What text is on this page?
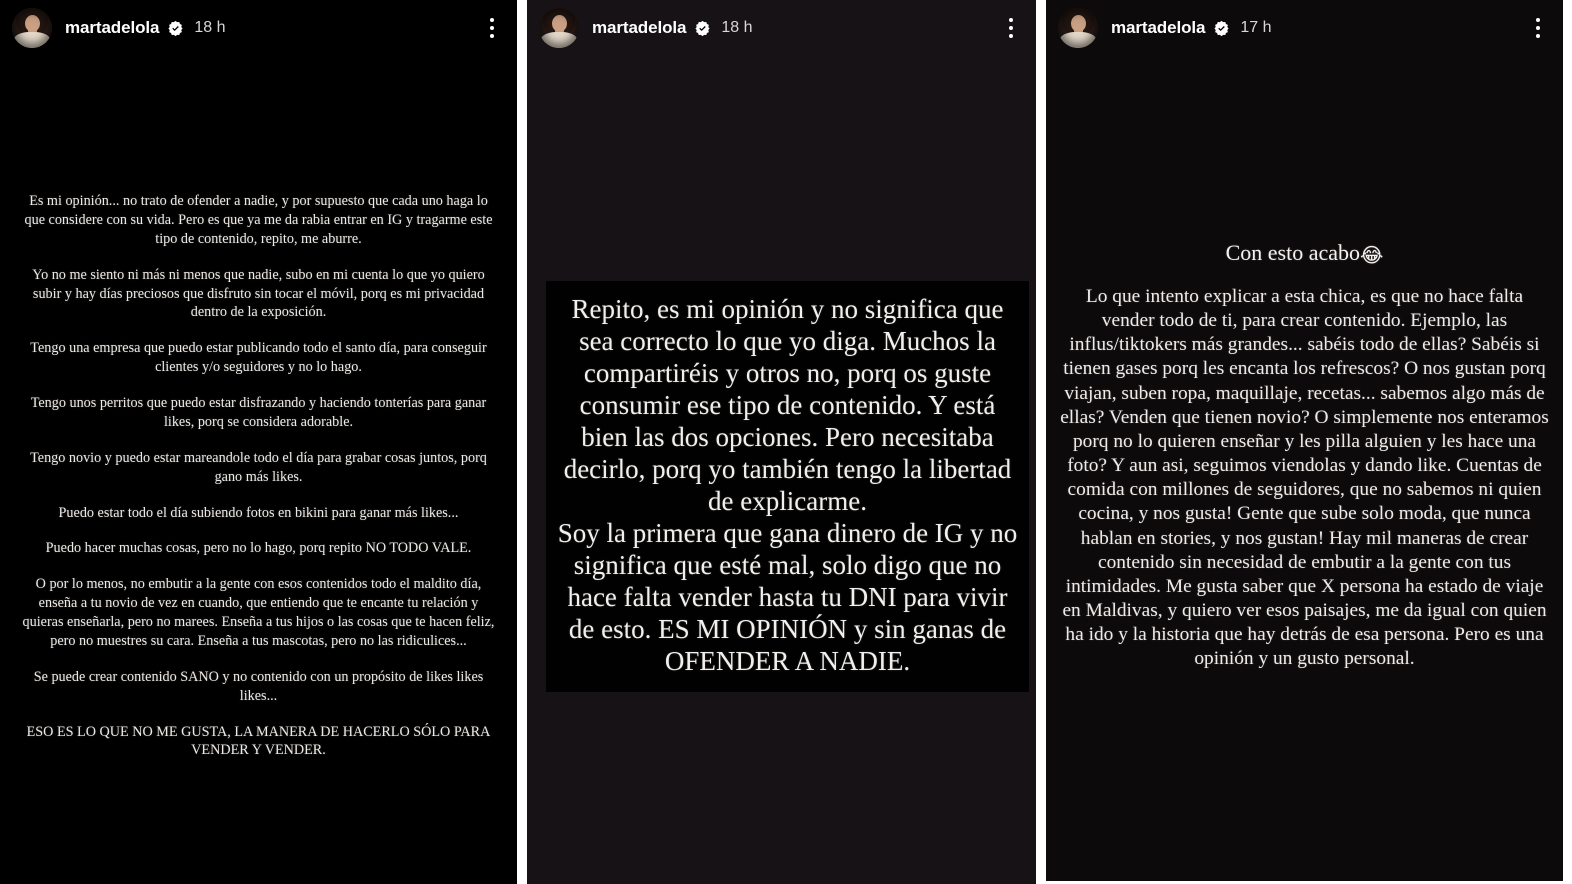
martadelola 18 h

Es mi opinión... no trato de ofender a nadie, y por supuesto que cada uno haga lo que considere con su vida. Pero es que ya me da rabia entrar en IG y tragarme este tipo de contenido, repito, me aburre.

Yo no me siento ni más ni menos que nadie, subo en mi cuenta lo que yo quiero subir y hay días preciosos que disfruto sin tocar el móvil, porq es mi privacidad dentro de la exposición.

Tengo una empresa que puedo estar publicando todo el santo día, para conseguir clientes y/o seguidores y no lo hago.

Tengo unos perritos que puedo estar disfrazando y haciendo tonterías para ganar likes, porq se considera adorable.

Tengo novio y puedo estar mareandole todo el día para grabar cosas juntos, porq gano más likes.

Puedo estar todo el día subiendo fotos en bikini para ganar más likes...

Puedo hacer muchas cosas, pero no lo hago, porq repito NO TODO VALE.

O por lo menos, no embutir a la gente con esos contenidos todo el maldito día, enseña a tu novio de vez en cuando, que entiendo que te encante tu relación y quieras enseñarla, pero no marees. Enseña a tus hijos o las cosas que te hacen feliz, pero no muestres su cara. Enseña a tus mascotas, pero no las ridiculices...

Se puede crear contenido SANO y no contenido con un propósito de likes likes likes...

ESO ES LO QUE NO ME GUSTA, LA MANERA DE HACERLO SÓLO PARA VENDER Y VENDER.

martadelola 18 h
Repito, es mi opinión y no significa que sea correcto lo que yo diga. Muchos la compartiréis y otros no, porq os guste consumir ese tipo de contenido. Y está bien las dos opciones. Pero necesitaba decirlo, porq yo también tengo la libertad de explicarme.
Soy la primera que gana dinero de IG y no significa que esté mal, solo digo que no hace falta vender hasta tu DNI para vivir de esto. ES MI OPINIÓN y sin ganas de OFENDER A NADIE.
martadelola 17 h
Con esto acabo😂
Lo que intento explicar a esta chica, es que no hace falta vender todo de ti, para crear contenido. Ejemplo, las influs/tiktokers más grandes... sabéis todo de ellas? Sabéis si tienen gases porq les encanta los refrescos? O nos gustan porq viajan, suben ropa, maquillaje, recetas... sabemos algo más de ellas? Venden que tienen novio? O simplemente nos enteramos porq no lo quieren enseñar y les pilla alguien y les hace una foto? Y aun asi, seguimos viendolas y dando like. Cuentas de comida con millones de seguidores, que no sabemos ni quien cocina, y nos gusta! Gente que sube solo moda, que nunca hablan en stories, y nos gustan! Hay mil maneras de crear contenido sin necesidad de embutir a la gente con tus intimidades. Me gusta saber que X persona ha estado de viaje en Maldivas, y quiero ver esos paisajes, me da igual con quien ha ido y la historia que hay detrás de esa persona. Pero es una opinión y un gusto personal.
